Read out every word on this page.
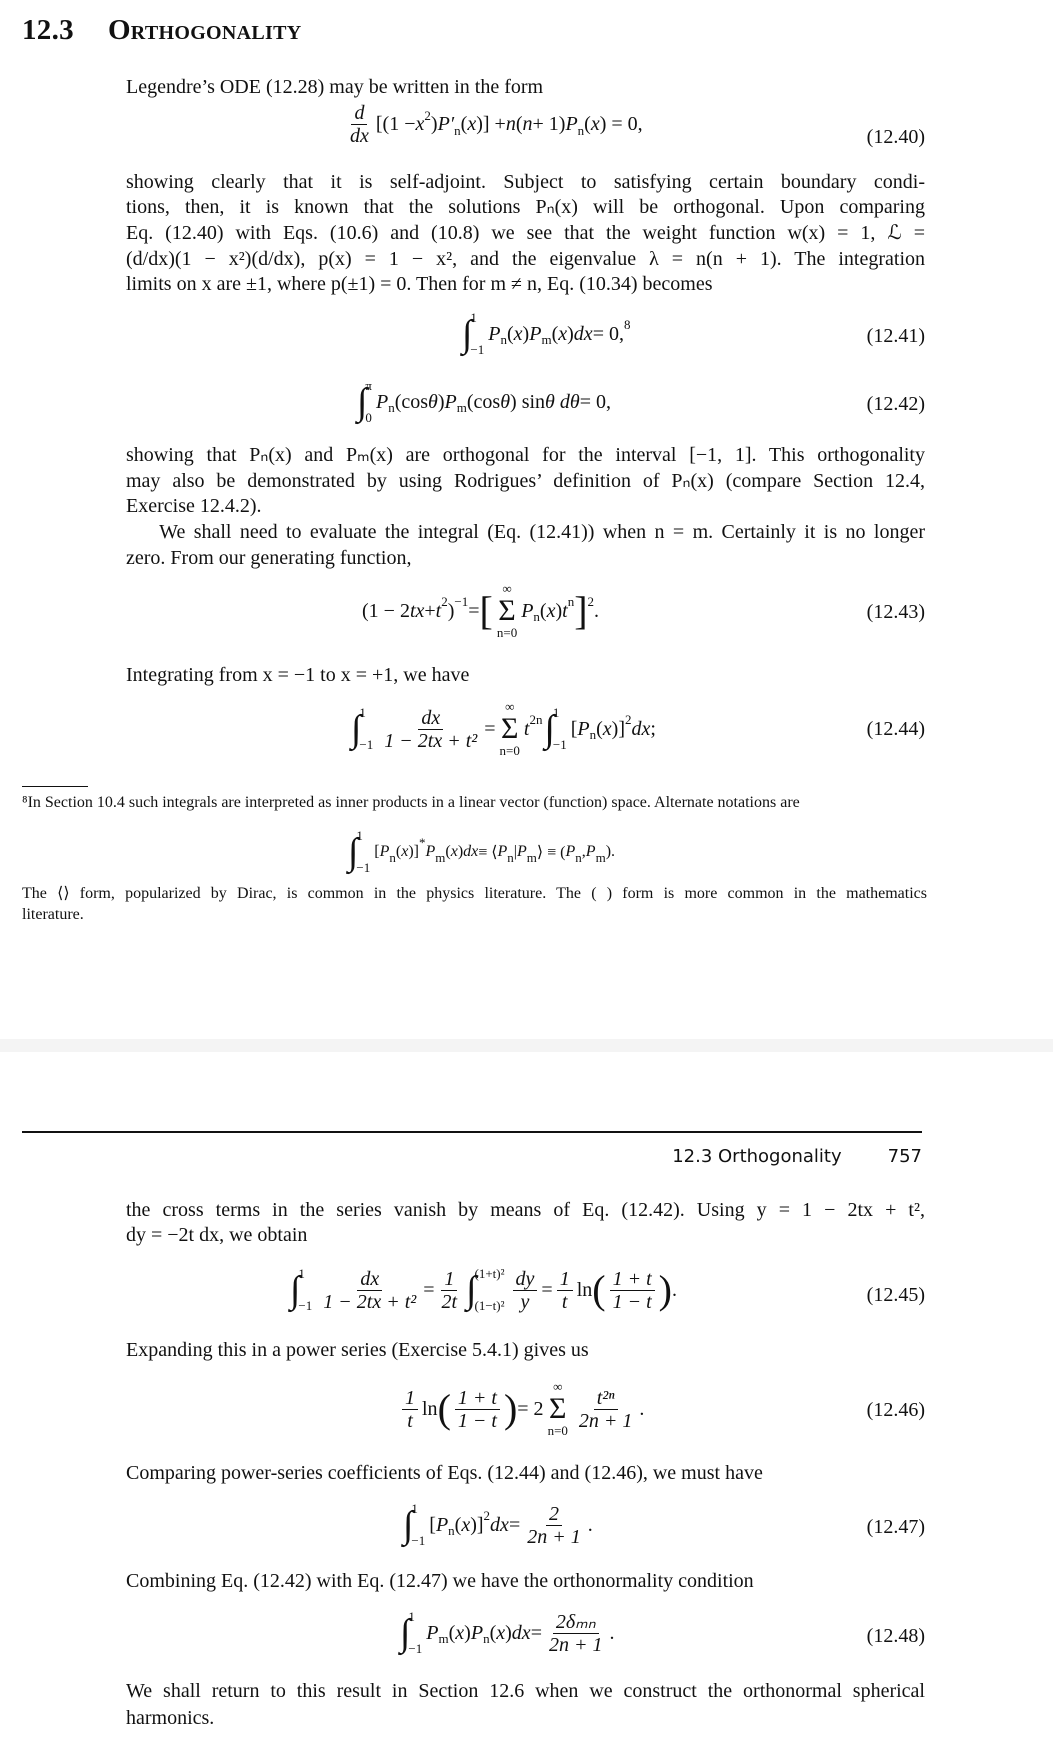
12.3 Orthogonality
Legendre’s ODE (12.28) may be written in the form
$\frac{d}{dx} [(1 - x$ 2 ) P′ n ( x )] + n ( n + 1) P n ( x ) = 0,
(12.40)
showing clearly that it is self-adjoint. Subject to satisfying certain boundary condi-
tions, then, it is known that the solutions Pₙ(x) will be orthogonal. Upon comparing
Eq. (12.40) with Eqs. (10.6) and (10.8) we see that the weight function w(x) = 1, ℒ =
(d/dx)(1 − x²)(d/dx), p(x) = 1 − x², and the eigenvalue λ = n(n + 1). The integration
limits on x are ±1, where p(±1) = 0. Then for m ≠ n, Eq. (10.34) becomes
∫
1
−1
P n ( x ) P m ( x ) dx = 0, 8
(12.41)
∫
π
0
P n (cos θ ) P m (cos θ ) sin θ dθ = 0,	(12.42)
showing that Pₙ(x) and Pₘ(x) are orthogonal for the interval [−1, 1]. This orthogonality
may also be demonstrated by using Rodrigues’ definition of Pₙ(x) (compare Section 12.4,
Exercise 12.4.2).
We shall need to evaluate the integral (Eq. (12.41)) when n = m. Certainly it is no longer
zero. From our generating function,
(1 − 2 tx + t 2 ) −1 = [ ∞
Σ
n=0
P n ( x ) t n ] 2 .	(12.43)
Integrating from x = −1 to x = +1, we have
∫
1
$-1 \frac{dx}{\text{1 − 2tx + t²}}$ =
∞
Σ
n=0
t 2n ∫
1
−1
[ P n ( x )] 2 dx ;	(12.44)
⁸In Section 10.4 such integrals are interpreted as inner products in a linear vector (function) space. Alternate notations are
∫
1
−1
[ P n ( x )]
*
P m ( x ) dx ≡ ⟨ P n | P m ⟩ ≡ ( P n , P m ).
The ⟨⟩ form, popularized by Dirac, is common in the physics literature. The ( ) form is more common in the mathematics
literature.
12.3 Orthogonality	757
the cross terms in the series vanish by means of Eq. (12.42). Using y = 1 − 2tx + t²,
dy = −2t dx, we obtain
∫
1
$-1 \frac{dx}{\text{1 − 2tx + t²}} = \frac{1}{2t}$ ∫
(1+t)²
$(1-t)^2 \frac{dy}{y} = \frac{1}{t}$ ln ( $\frac{1 + t}{1 - t}$ ) .	(12.45)
Expanding this in a power series (Exercise 5.4.1) gives us
$\frac{1}{t}$ ln ( $\frac{1 + t}{1 - t}$ ) = 2
∞
Σ
$n=0 \frac{\text{t²ⁿ}}{2n + 1}$ .	(12.46)
Comparing power-series coefficients of Eqs. (12.44) and (12.46), we must have
∫
1
−1
[ P n ( x )] 2 dx = $\frac{2}{2n + 1}$ .	(12.47)
Combining Eq. (12.42) with Eq. (12.47) we have the orthonormality condition
∫
1
−1
P m ( x ) P n ( x ) dx = $\frac{\text{2δₘₙ}}{2n + 1}$ .	(12.48)
We shall return to this result in Section 12.6 when we construct the orthonormal spherical
harmonics.
